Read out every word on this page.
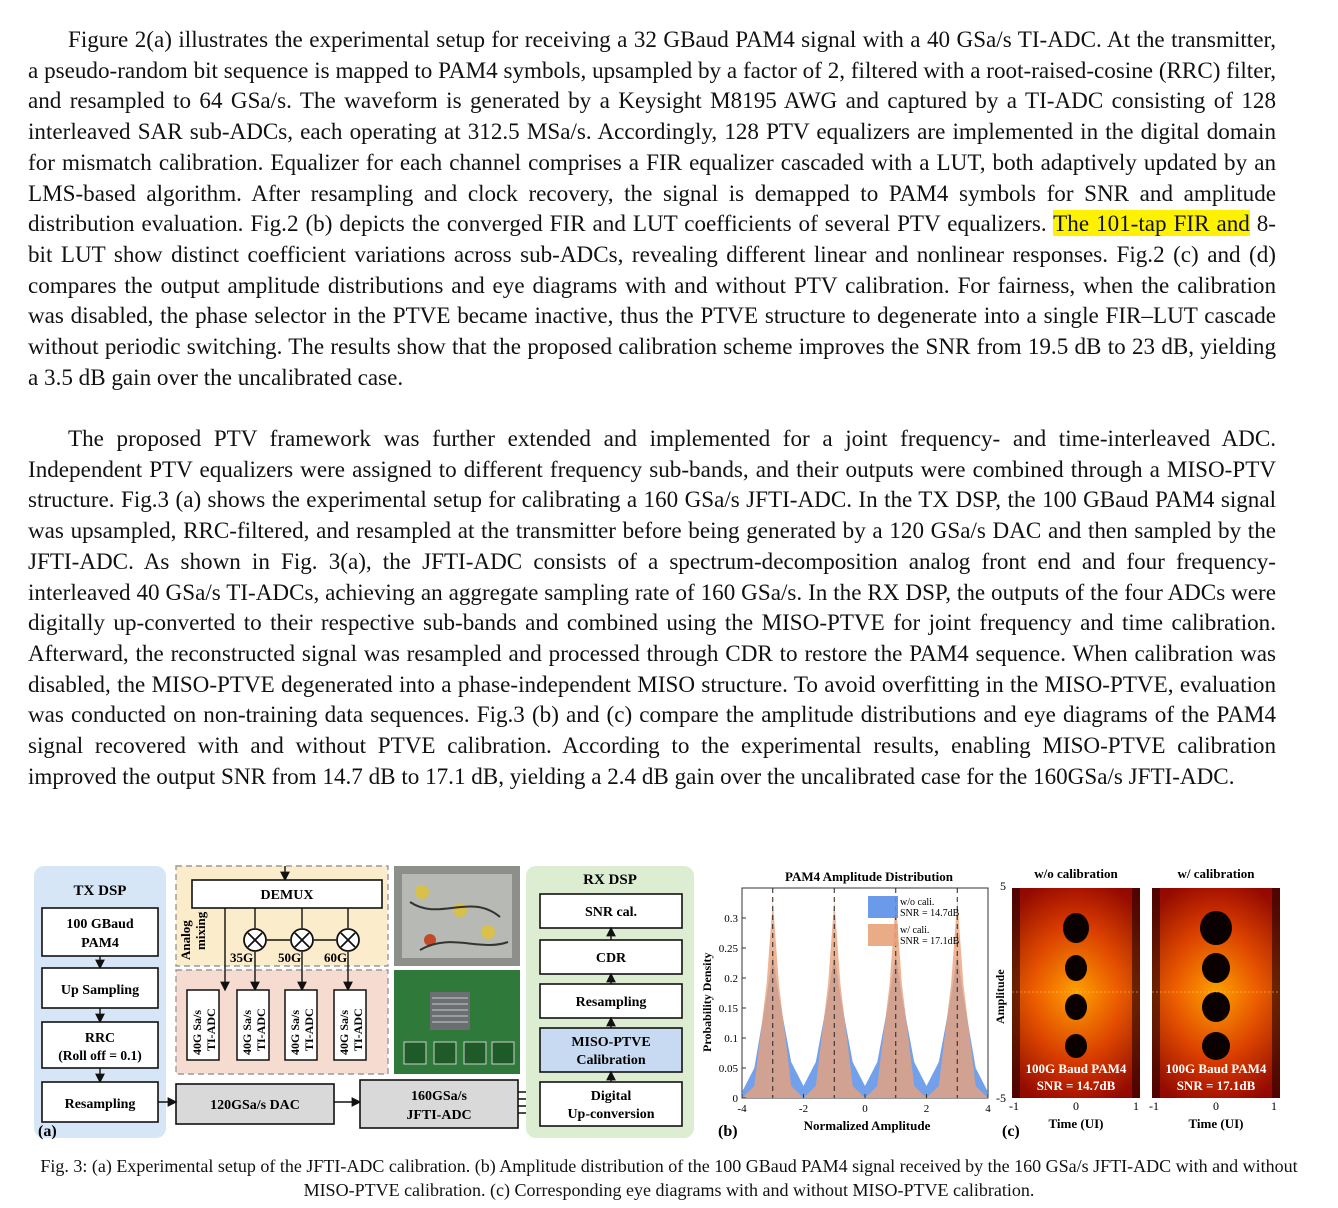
Figure 2(a) illustrates the experimental setup for receiving a 32 GBaud PAM4 signal with a 40 GSa/s TI-ADC. At the transmitter, a pseudo-random bit sequence is mapped to PAM4 symbols, upsampled by a factor of 2, filtered with a root-raised-cosine (RRC) filter, and resampled to 64 GSa/s. The waveform is generated by a Keysight M8195 AWG and captured by a TI-ADC consisting of 128 interleaved SAR sub-ADCs, each operating at 312.5 MSa/s. Accordingly, 128 PTV equalizers are implemented in the digital domain for mismatch calibration. Equalizer for each channel comprises a FIR equalizer cascaded with a LUT, both adaptively updated by an LMS-based algorithm. After resampling and clock recovery, the signal is demapped to PAM4 symbols for SNR and amplitude distribution evaluation. Fig.2 (b) depicts the converged FIR and LUT coefficients of several PTV equalizers. The 101-tap FIR and 8-bit LUT show distinct coefficient variations across sub-ADCs, revealing different linear and nonlinear responses. Fig.2 (c) and (d) compares the output amplitude distributions and eye diagrams with and without PTV calibration. For fairness, when the calibration was disabled, the phase selector in the PTVE became inactive, thus the PTVE structure to degenerate into a single FIR–LUT cascade without periodic switching. The results show that the proposed calibration scheme improves the SNR from 19.5 dB to 23 dB, yielding a 3.5 dB gain over the uncalibrated case.
The proposed PTV framework was further extended and implemented for a joint frequency- and time-interleaved ADC. Independent PTV equalizers were assigned to different frequency sub-bands, and their outputs were combined through a MISO-PTV structure. Fig.3 (a) shows the experimental setup for calibrating a 160 GSa/s JFTI-ADC. In the TX DSP, the 100 GBaud PAM4 signal was upsampled, RRC-filtered, and resampled at the transmitter before being generated by a 120 GSa/s DAC and then sampled by the JFTI-ADC. As shown in Fig. 3(a), the JFTI-ADC consists of a spectrum-decomposition analog front end and four frequency-interleaved 40 GSa/s TI-ADCs, achieving an aggregate sampling rate of 160 GSa/s. In the RX DSP, the outputs of the four ADCs were digitally up-converted to their respective sub-bands and combined using the MISO-PTVE for joint frequency and time calibration. Afterward, the reconstructed signal was resampled and processed through CDR to restore the PAM4 sequence. When calibration was disabled, the MISO-PTVE degenerated into a phase-independent MISO structure. To avoid overfitting in the MISO-PTVE, evaluation was conducted on non-training data sequences. Fig.3 (b) and (c) compare the amplitude distributions and eye diagrams of the PAM4 signal recovered with and without PTVE calibration. According to the experimental results, enabling MISO-PTVE calibration improved the output SNR from 14.7 dB to 17.1 dB, yielding a 2.4 dB gain over the uncalibrated case for the 160GSa/s JFTI-ADC.
TX DSP
100 GBaud
PAM4
Up Sampling
RRC
(Roll off = 0.1)
Resampling
(a)
DEMUX
Analog mixing
35G 50G 60G
40G Sa/s TI-ADC 40G Sa/s TI-ADC 40G Sa/s TI-ADC 40G Sa/s TI-ADC
120GSa/s DAC
160GSa/s
JFTI-ADC
RX DSP
SNR cal.
CDR
Resampling
MISO-PTVE
Calibration
Digital
Up-conversion
PAM4 Amplitude Distribution
Probability Density
Normalized Amplitude
(b)
0
0.05
0.1
0.15
0.2
0.25
0.3
-4	-2	0	2	4
w/o cali.
SNR = 14.7dB
w/ cali.
SNR = 17.1dB
Amplitude
5
-5
(c)
w/o calibration
100G Baud PAM4
SNR = 14.7dB
-1	0	1
Time (UI)
w/ calibration
100G Baud PAM4
SNR = 17.1dB
-1	0	1
Time (UI)
Fig. 3: (a) Experimental setup of the JFTI-ADC calibration. (b) Amplitude distribution of the 100 GBaud PAM4 signal received by the 160 GSa/s JFTI-ADC with and without MISO-PTVE calibration. (c) Corresponding eye diagrams with and without MISO-PTVE calibration.
